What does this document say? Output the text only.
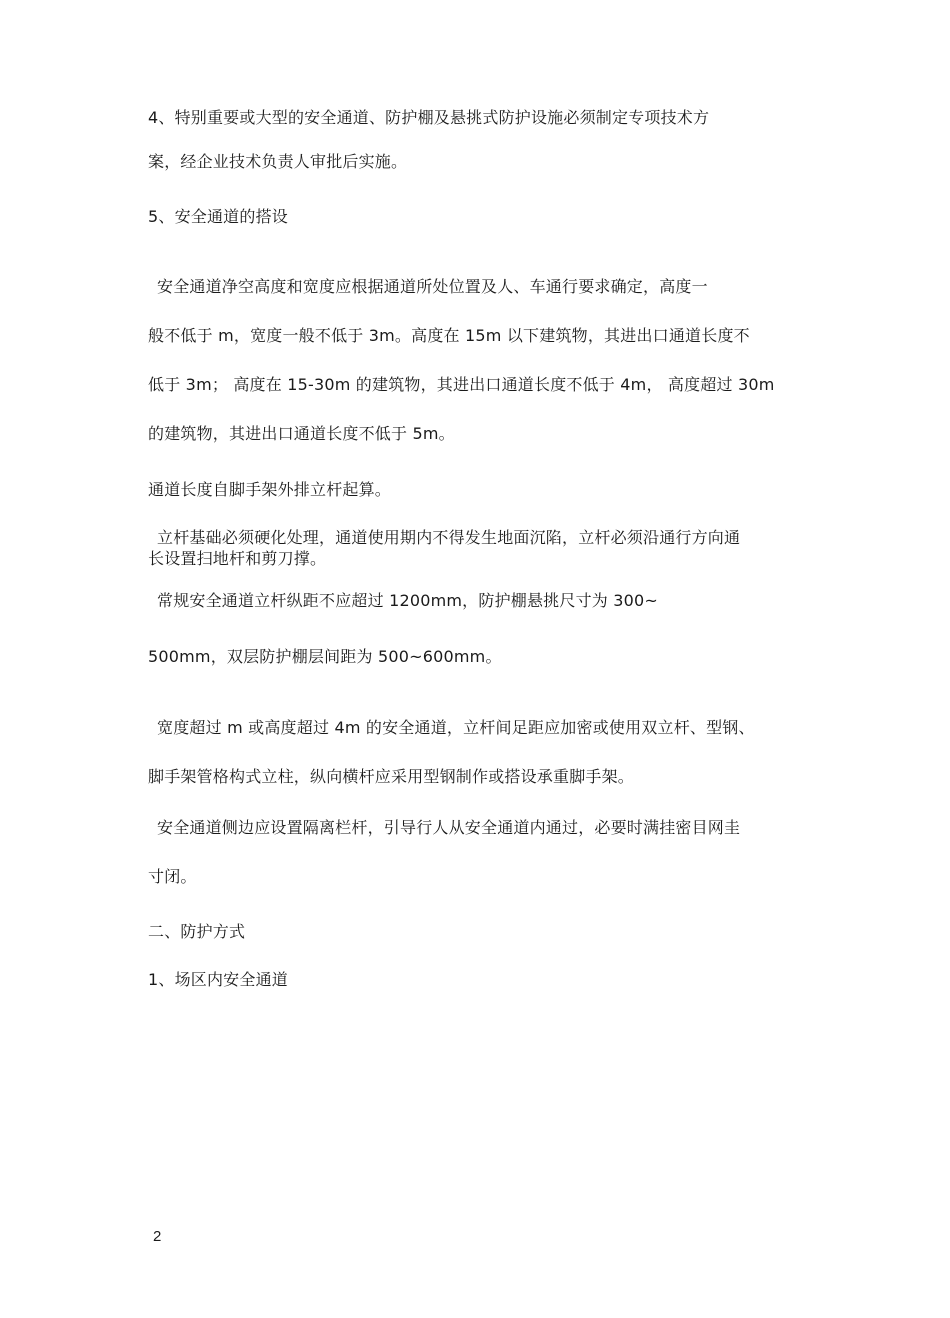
4、特别重要或大型的安全通道、防护棚及悬挑式防护设施必须制定专项技术方
案，经企业技术负责人审批后实施。
5、安全通道的搭设
安全通道净空高度和宽度应根据通道所处位置及人、车通行要求确定，高度一
般不低于 m，宽度一般不低于 3m。高度在 15m 以下建筑物，其进出口通道长度不
低于 3m； 高度在 15-30m 的建筑物，其进出口通道长度不低于 4m， 高度超过 30m
的建筑物，其进出口通道长度不低于 5m。
通道长度自脚手架外排立杆起算。
立杆基础必须硬化处理，通道使用期内不得发生地面沉陷，立杆必须沿通行方向通
长设置扫地杆和剪刀撑。
常规安全通道立杆纵距不应超过 1200mm，防护棚悬挑尺寸为 300~
500mm，双层防护棚层间距为 500~600mm。
宽度超过 m 或高度超过 4m 的安全通道，立杆间足距应加密或使用双立杆、型钢、
脚手架管格构式立柱，纵向横杆应采用型钢制作或搭设承重脚手架。
安全通道侧边应设置隔离栏杆，引导行人从安全通道内通过，必要时满挂密目网圭
寸闭。
二、防护方式
1、场区内安全通道
2
